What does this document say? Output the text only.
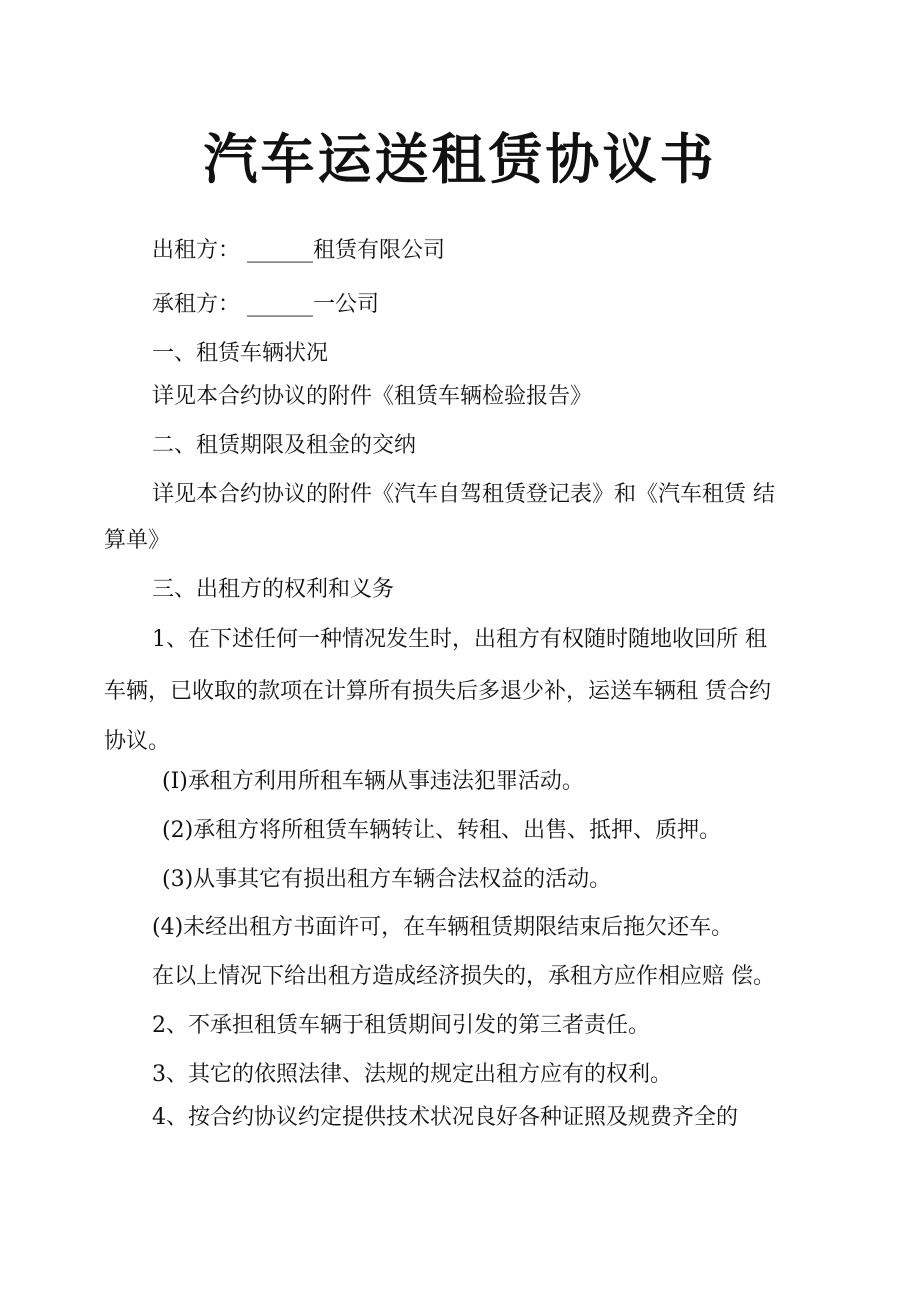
汽车运送租赁协议书

出租方： ______租赁有限公司

承租方： ______一公司

一、租赁车辆状况

详见本合约协议的附件《租赁车辆检验报告》

二、租赁期限及租金的交纳

详见本合约协议的附件《汽车自驾租赁登记表》和《汽车租赁 结
算单》

三、出租方的权利和义务

1、在下述任何一种情况发生时，出租方有权随时随地收回所 租
车辆，已收取的款项在计算所有损失后多退少补，运送车辆租 赁合约
协议。

(I)承租方利用所租车辆从事违法犯罪活动。

(2)承租方将所租赁车辆转让、转租、出售、抵押、质押。

(3)从事其它有损出租方车辆合法权益的活动。

(4)未经出租方书面许可，在车辆租赁期限结束后拖欠还车。

在以上情况下给出租方造成经济损失的，承租方应作相应赔 偿。

2、不承担租赁车辆于租赁期间引发的第三者责任。

3、其它的依照法律、法规的规定出租方应有的权利。

4、按合约协议约定提供技术状况良好各种证照及规费齐全的
